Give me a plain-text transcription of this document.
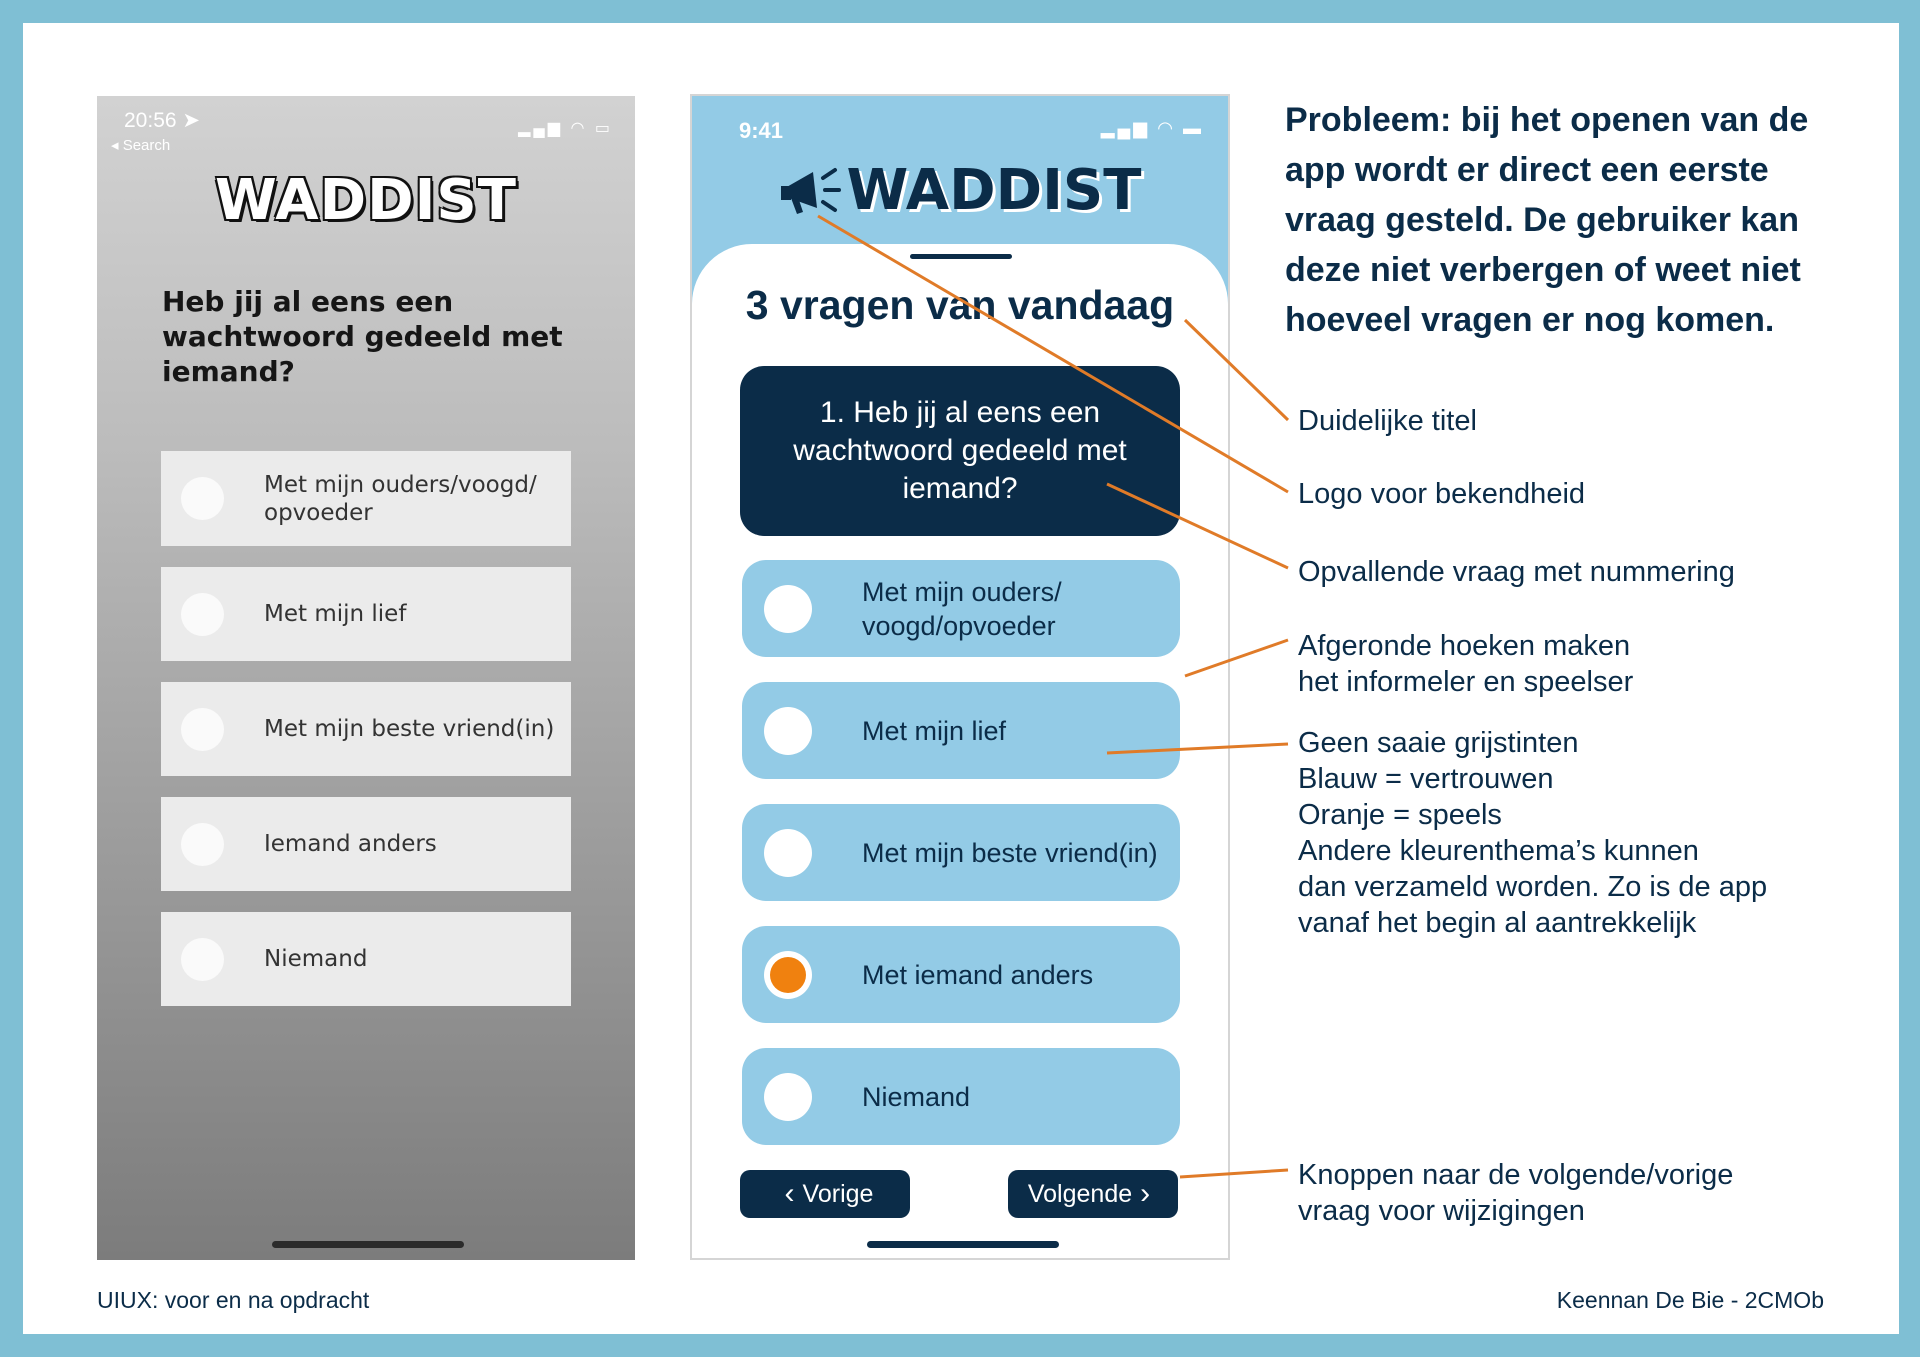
20:56 ➤
◂ Search
▂▄▆ ◠ ▭
WADDIST
Heb jij al eens een wachtwoord gedeeld met iemand?
Met mijn ouders/voogd/ opvoeder
Met mijn lief
Met mijn beste vriend(in)
Iemand anders
Niemand
9:41	▂▄▆ ◠ ▬
WADDIST
3 vragen van vandaag
1. Heb jij al eens een wachtwoord gedeeld met iemand?
Met mijn ouders/ voogd/opvoeder
Met mijn lief
Met mijn beste vriend(in)
Met iemand anders
Niemand
‹ Vorige	Volgende ›
Probleem: bij het openen van de app wordt er direct een eerste vraag gesteld. De gebruiker kan deze niet verbergen of weet niet hoeveel vragen er nog komen.
Duidelijke titel
Logo voor bekendheid
Opvallende vraag met nummering
Afgeronde hoeken maken
het informeler en speelser
Geen saaie grijstinten
Blauw = vertrouwen
Oranje = speels
Andere kleurenthema’s kunnen
dan verzameld worden. Zo is de app
vanaf het begin al aantrekkelijk
Knoppen naar de volgende/vorige
vraag voor wijzigingen
UIUX: voor en na opdracht	Keennan De Bie - 2CMOb
